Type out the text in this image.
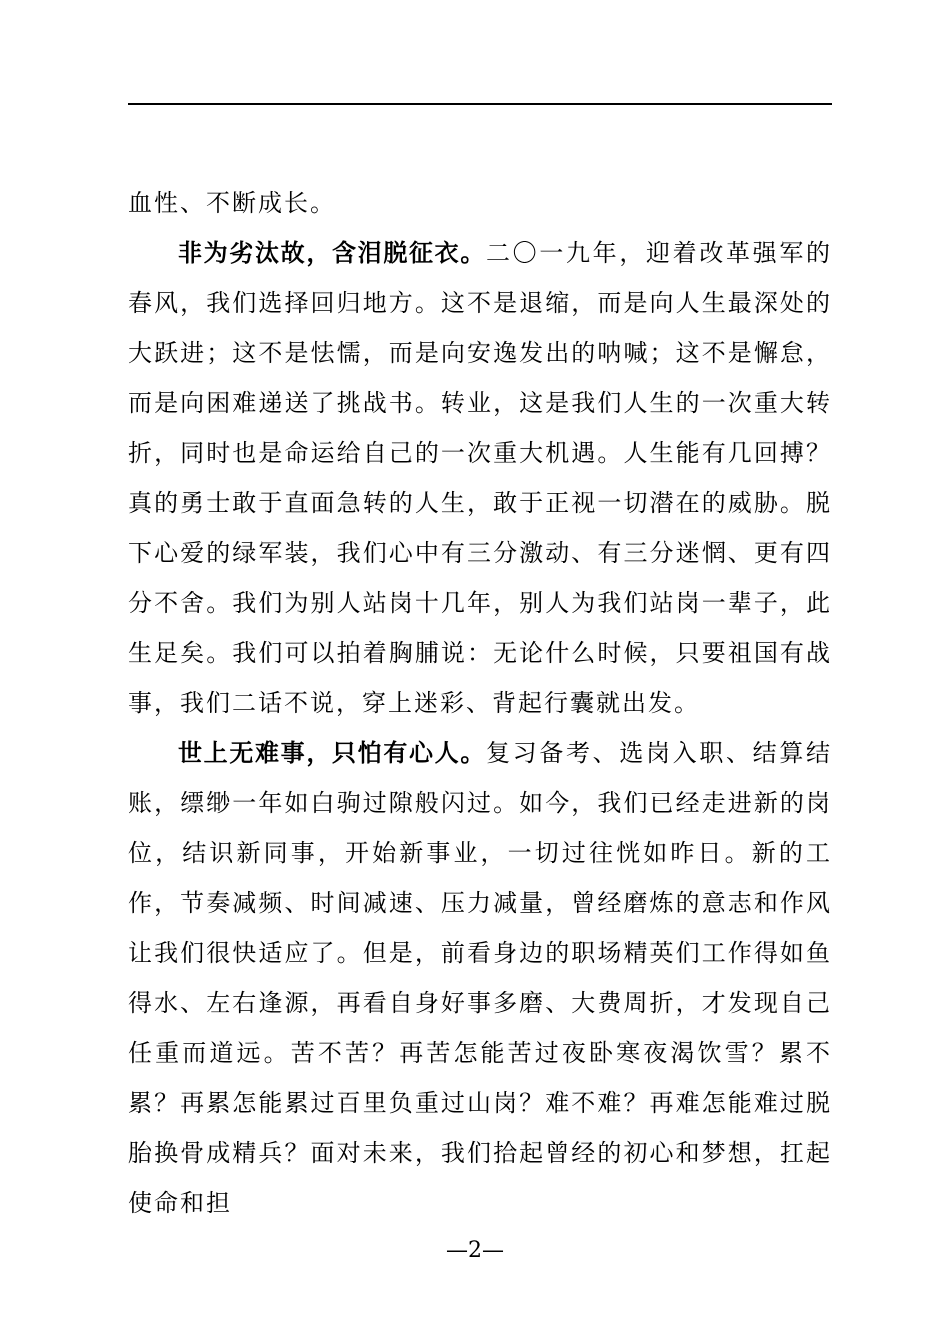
血性、不断成长。

非为劣汰故，含泪脱征衣。二〇一九年，迎着改革强军的春风，我们选择回归地方。这不是退缩，而是向人生最深处的大跃进；这不是怯懦，而是向安逸发出的呐喊；这不是懈怠，而是向困难递送了挑战书。转业，这是我们人生的一次重大转折，同时也是命运给自己的一次重大机遇。人生能有几回搏？真的勇士敢于直面急转的人生，敢于正视一切潜在的威胁。脱下心爱的绿军装，我们心中有三分激动、有三分迷惘、更有四分不舍。我们为别人站岗十几年，别人为我们站岗一辈子，此生足矣。我们可以拍着胸脯说：无论什么时候，只要祖国有战事，我们二话不说，穿上迷彩、背起行囊就出发。

世上无难事，只怕有心人。复习备考、选岗入职、结算结账，缥缈一年如白驹过隙般闪过。如今，我们已经走进新的岗位，结识新同事，开始新事业，一切过往恍如昨日。新的工作，节奏减频、时间减速、压力减量，曾经磨炼的意志和作风让我们很快适应了。但是，前看身边的职场精英们工作得如鱼得水、左右逢源，再看自身好事多磨、大费周折，才发现自己任重而道远。苦不苦？再苦怎能苦过夜卧寒夜渴饮雪？累不累？再累怎能累过百里负重过山岗？难不难？再难怎能难过脱胎换骨成精兵？面对未来，我们拾起曾经的初心和梦想，扛起使命和担

—2—
